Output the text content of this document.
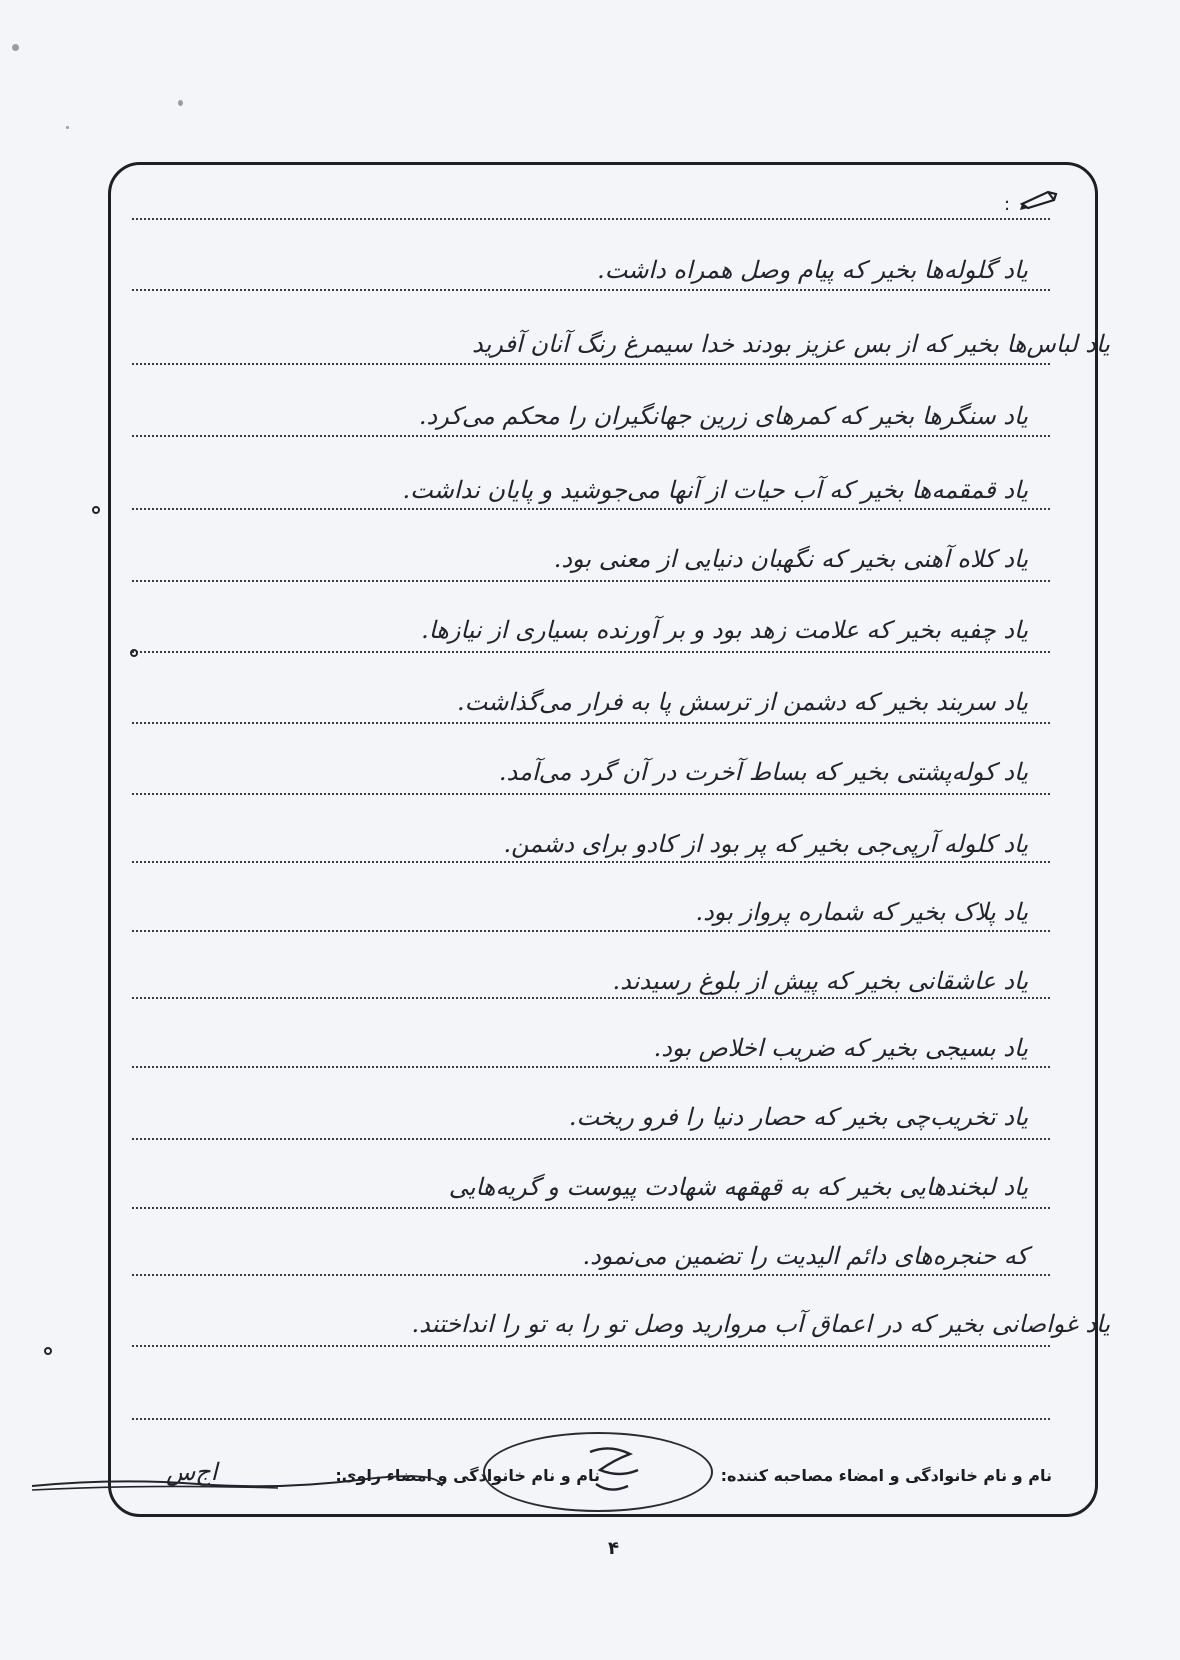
:
یاد گلوله‌ها بخیر که پیام وصل همراه داشت.
یاد لباس‌ها بخیر که از بس عزیز بودند خدا سیمرغ رنگ آنان آفرید
یاد سنگرها بخیر که کمرهای زرین جهانگیران را محکم می‌کرد.
یاد قمقمه‌ها بخیر که آب حیات از آنها می‌جوشید و پایان نداشت.
یاد کلاه آهنی بخیر که نگهبان دنیایی از معنی بود.
یاد چفیه بخیر که علامت زهد بود و بر آورنده بسیاری از نیازها.
یاد سربند بخیر که دشمن از ترسش پا به فرار می‌گذاشت.
یاد کوله‌پشتی بخیر که بساط آخرت در آن گرد می‌آمد.
یاد کلوله آرپی‌جی بخیر که پر بود از کادو برای دشمن.
یاد پلاک بخیر که شماره پرواز بود.
یاد عاشقانی بخیر که پیش از بلوغ رسیدند.
یاد بسیجی بخیر که ضریب اخلاص بود.
یاد تخریب‌چی بخیر که حصار دنیا را فرو ریخت.
یاد لبخندهایی بخیر که به قهقهه شهادت پیوست و گریه‌هایی
که حنجره‌های دائم الیدیت را تضمین می‌نمود.
یاد غواصانی بخیر که در اعماق آب مروارید وصل تو را به تو را انداختند.
نام و نام خانوادگی و امضاء مصاحبه کننده:
نام و نام خانوادگی و امضاء راوی:
اج‌س
۴
